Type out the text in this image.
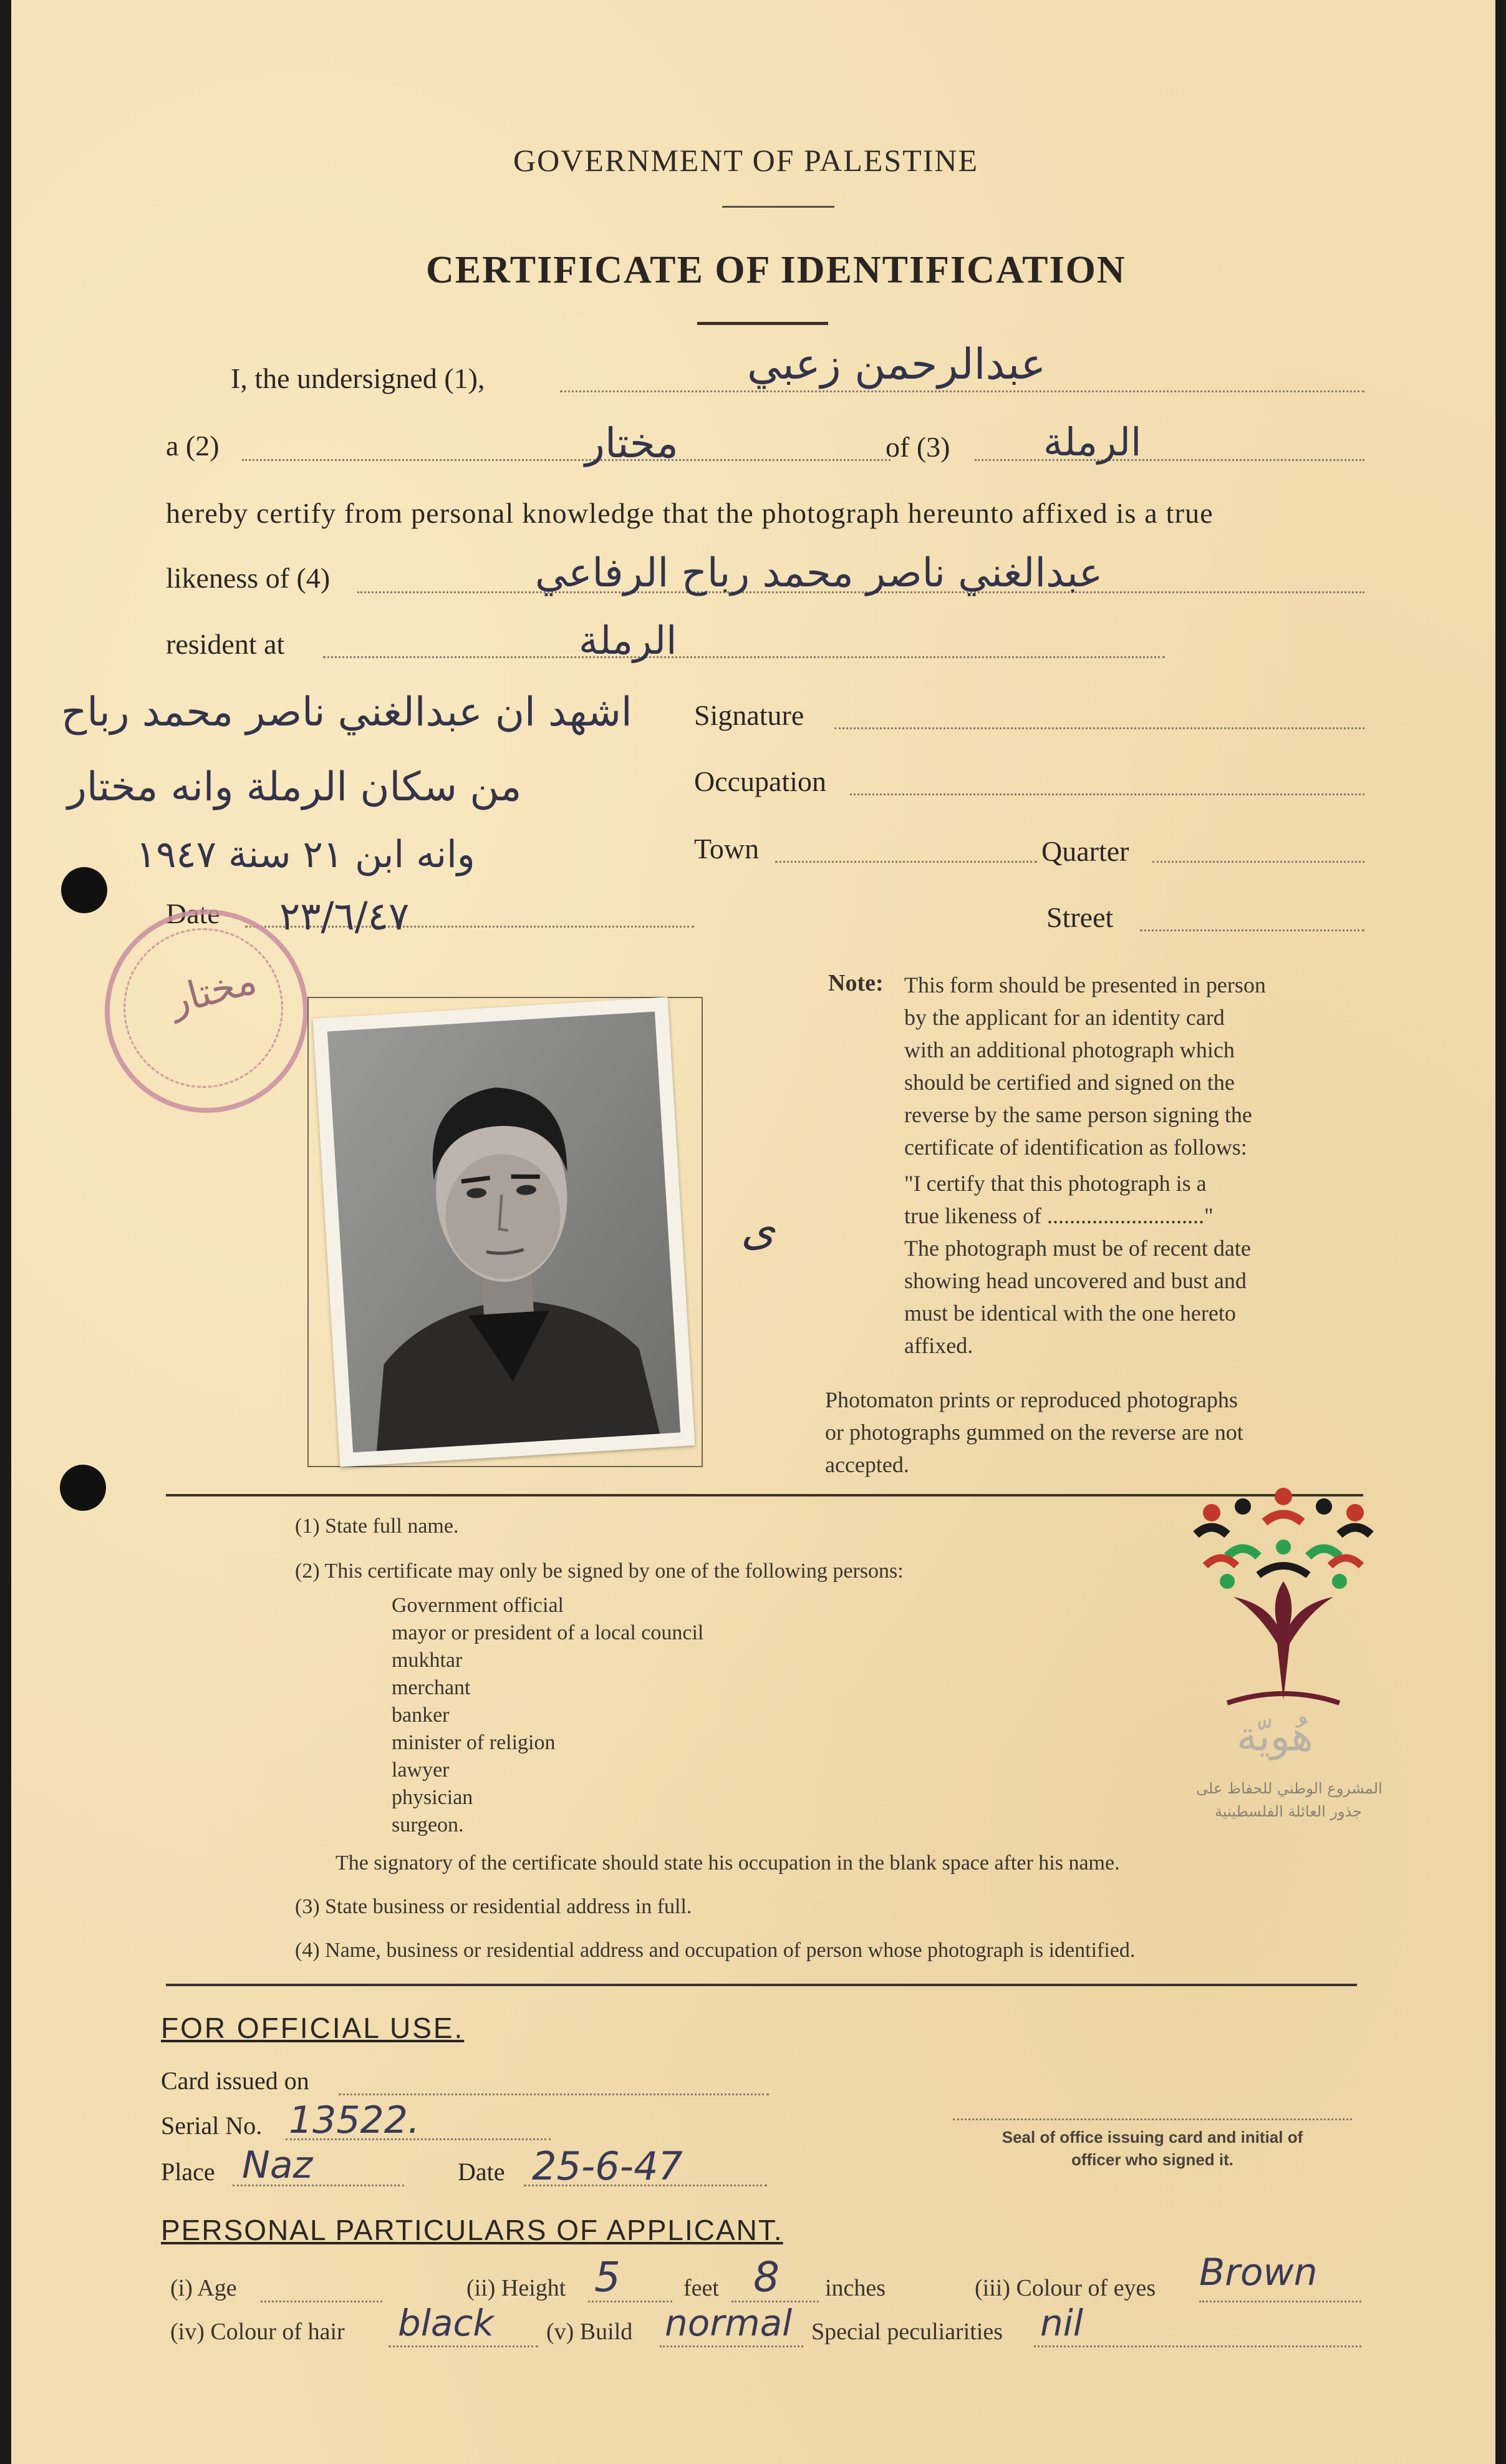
GOVERNMENT OF PALESTINE
CERTIFICATE OF IDENTIFICATION
I, the undersigned (1),	عبدالرحمن زعبي
a (2)	مختار	of (3) الرملة
hereby certify from personal knowledge that the photograph hereunto affixed is a true
likeness of (4)	عبدالغني ناصر محمد رباح الرفاعي
resident at	الرملة
اشهد ان عبدالغني ناصر محمد رباح
من سكان الرملة وانه مختار
وانه ابن ٢١ سنة ١٩٤٧
Signature
Occupation
Town	Quarter
Date ٢٣/٦/٤٧	Street
مختار
ى
Note: This form should be presented in person
by the applicant for an identity card
with an additional photograph which
should be certified and signed on the
reverse by the same person signing the
certificate of identification as follows:
"I certify that this photograph is a
true likeness of ............................"
The photograph must be of recent date
showing head uncovered and bust and
must be identical with the one hereto
affixed.
Photomaton prints or reproduced photographs
or photographs gummed on the reverse are not
accepted.
(1) State full name.
(2) This certificate may only be signed by one of the following persons:
Government official
mayor or president of a local council
mukhtar
merchant
banker
minister of religion
lawyer
physician
surgeon.
The signatory of the certificate should state his occupation in the blank space after his name.
(3) State business or residential address in full.
(4) Name, business or residential address and occupation of person whose photograph is identified.
هُويّة
المشروع الوطني للحفاظ على
جذور العائلة الفلسطينية
FOR OFFICIAL USE.
Card issued on
Serial No. 13522.
Place Naz	Date 25-6-47
Seal of office issuing card and initial of
officer who signed it.
PERSONAL PARTICULARS OF APPLICANT.
(i) Age	(ii) Height 5	feet 8 inches	(iii) Colour of eyes Brown
(iv) Colour of hair black (v) Build normal Special peculiarities nil
